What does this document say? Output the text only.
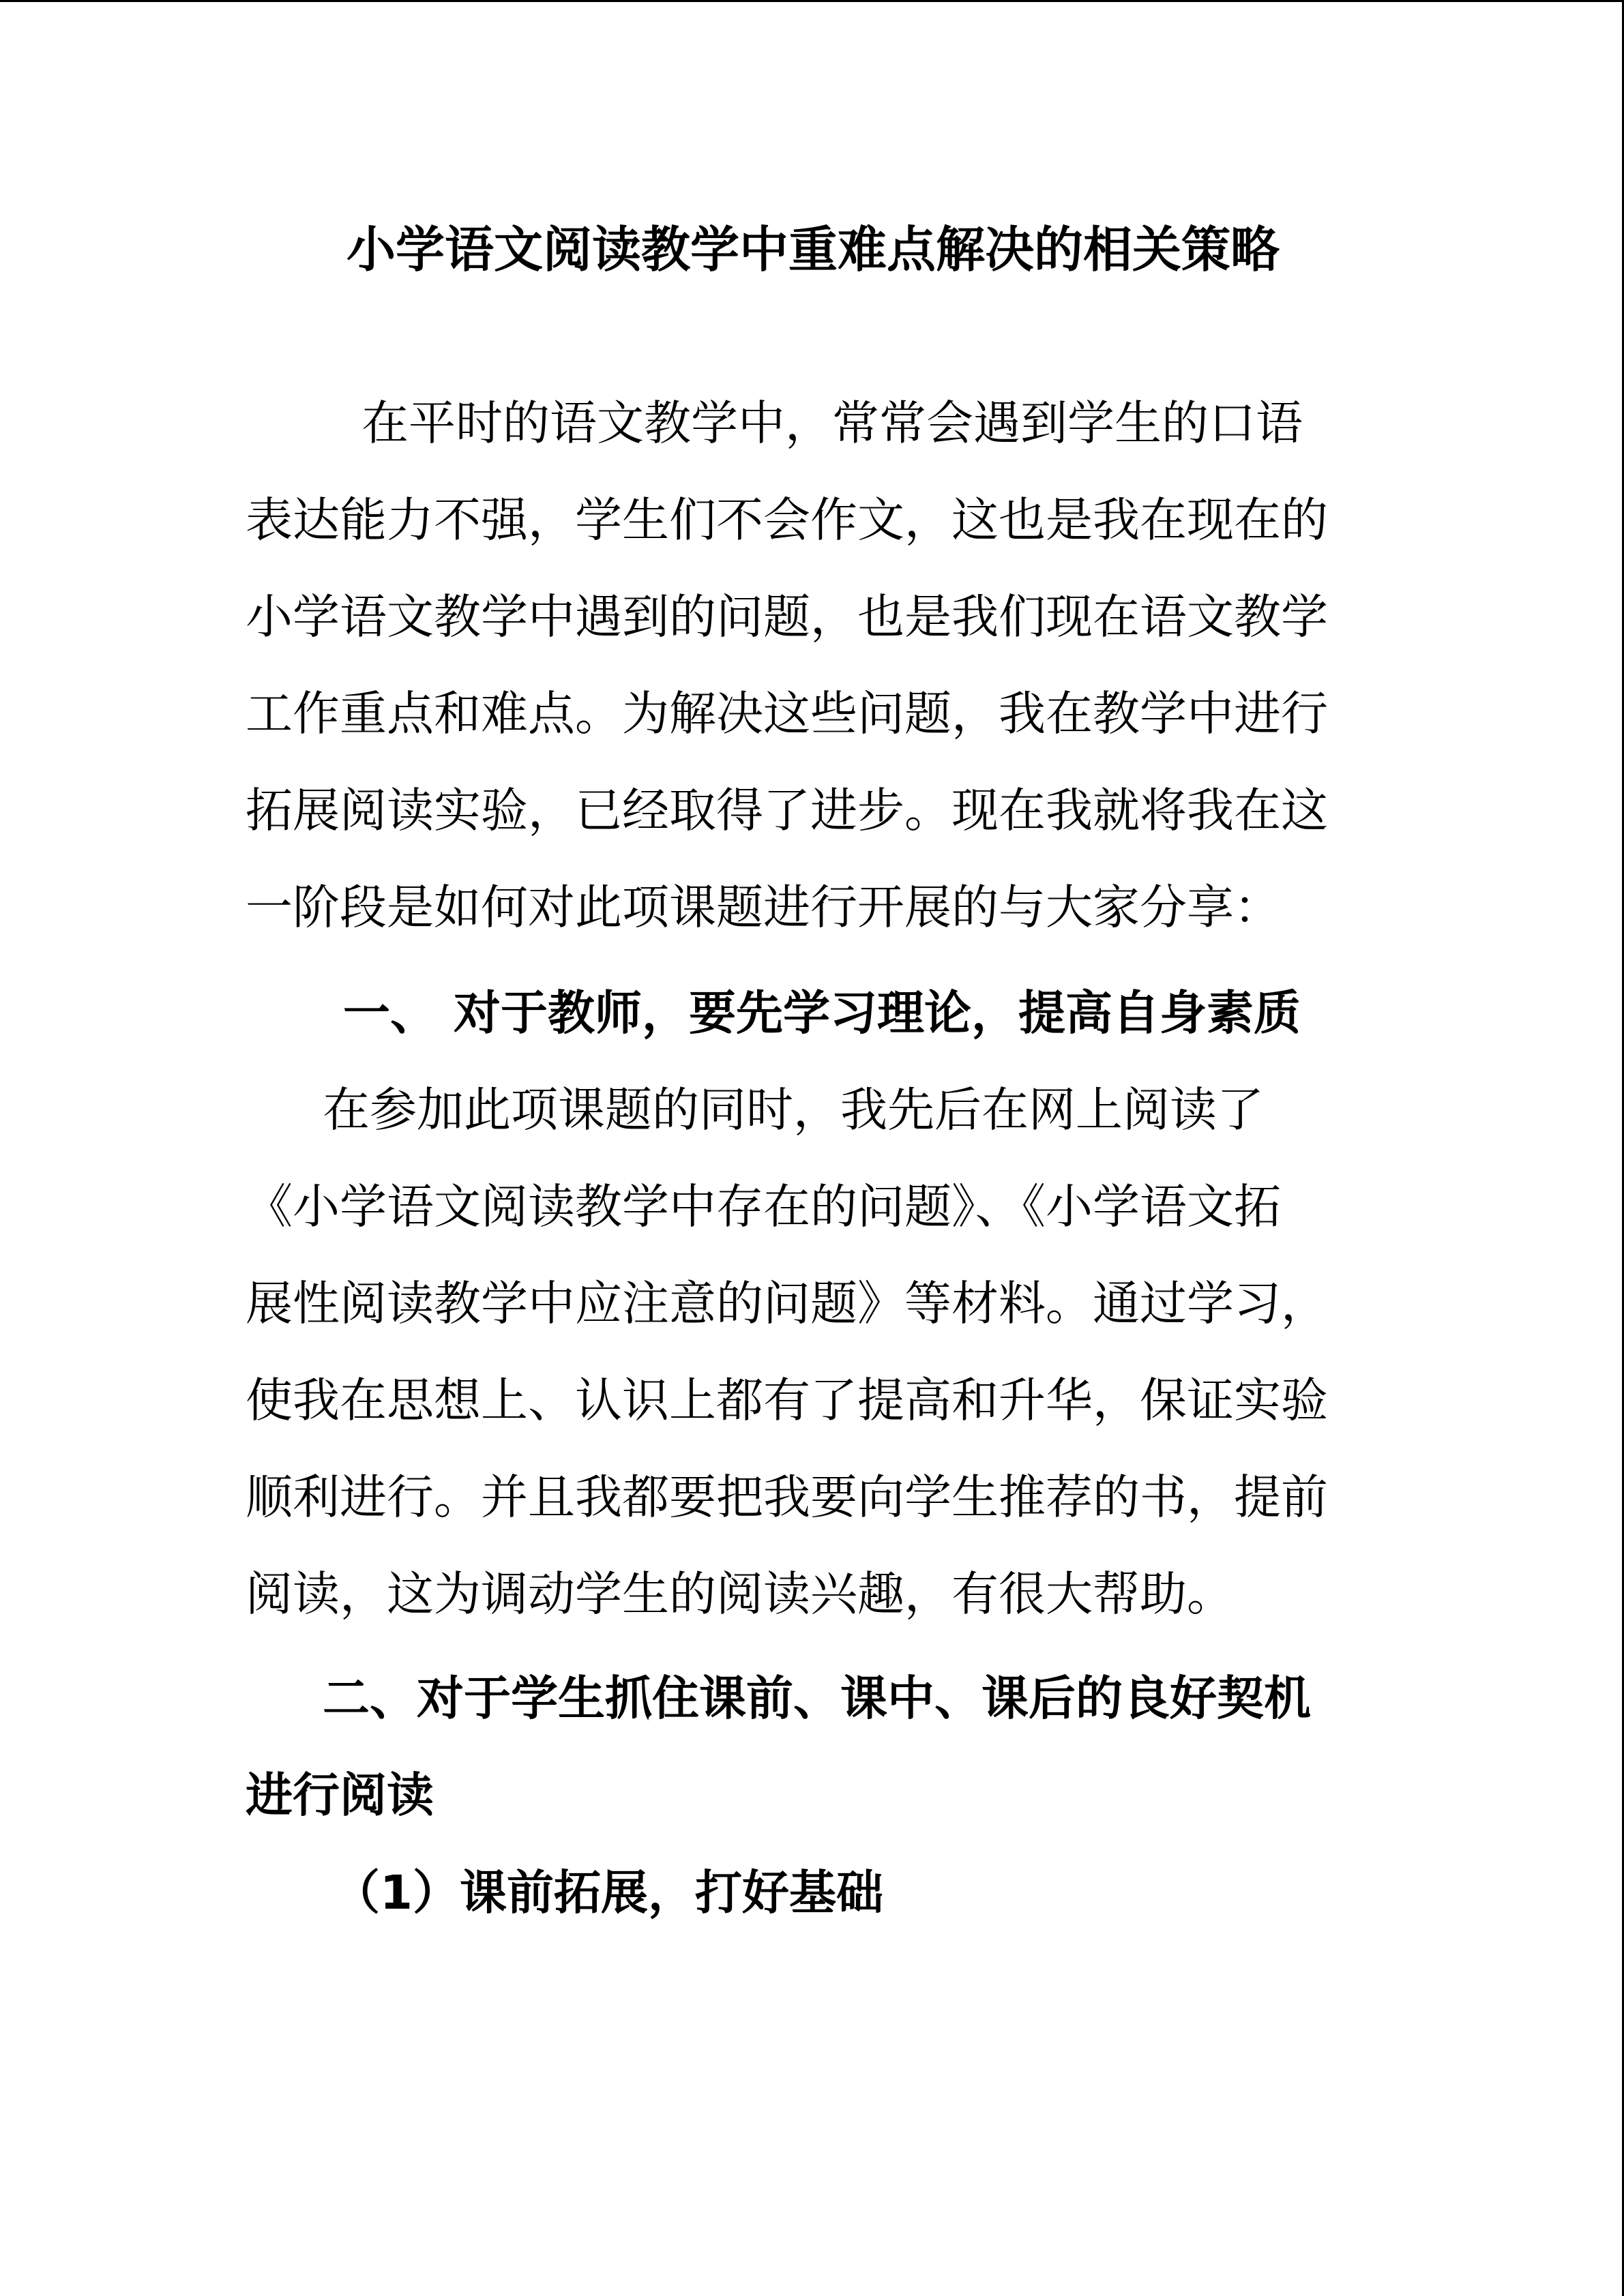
小学语文阅读教学中重难点解决的相关策略
在平时的语文教学中，常常会遇到学生的口语
表达能力不强，学生们不会作文，这也是我在现在的
小学语文教学中遇到的问题，也是我们现在语文教学
工作重点和难点。为解决这些问题，我在教学中进行
拓展阅读实验，已经取得了进步。现在我就将我在这
一阶段是如何对此项课题进行开展的与大家分享：
一、 对于教师，要先学习理论，提高自身素质
在参加此项课题的同时，我先后在网上阅读了
《小学语文阅读教学中存在的问题》、《小学语文拓
展性阅读教学中应注意的问题》等材料。通过学习，
使我在思想上、认识上都有了提高和升华，保证实验
顺利进行。并且我都要把我要向学生推荐的书，提前
阅读，这为调动学生的阅读兴趣，有很大帮助。
二、对于学生抓住课前、课中、课后的良好契机
进行阅读
（1）课前拓展，打好基础
